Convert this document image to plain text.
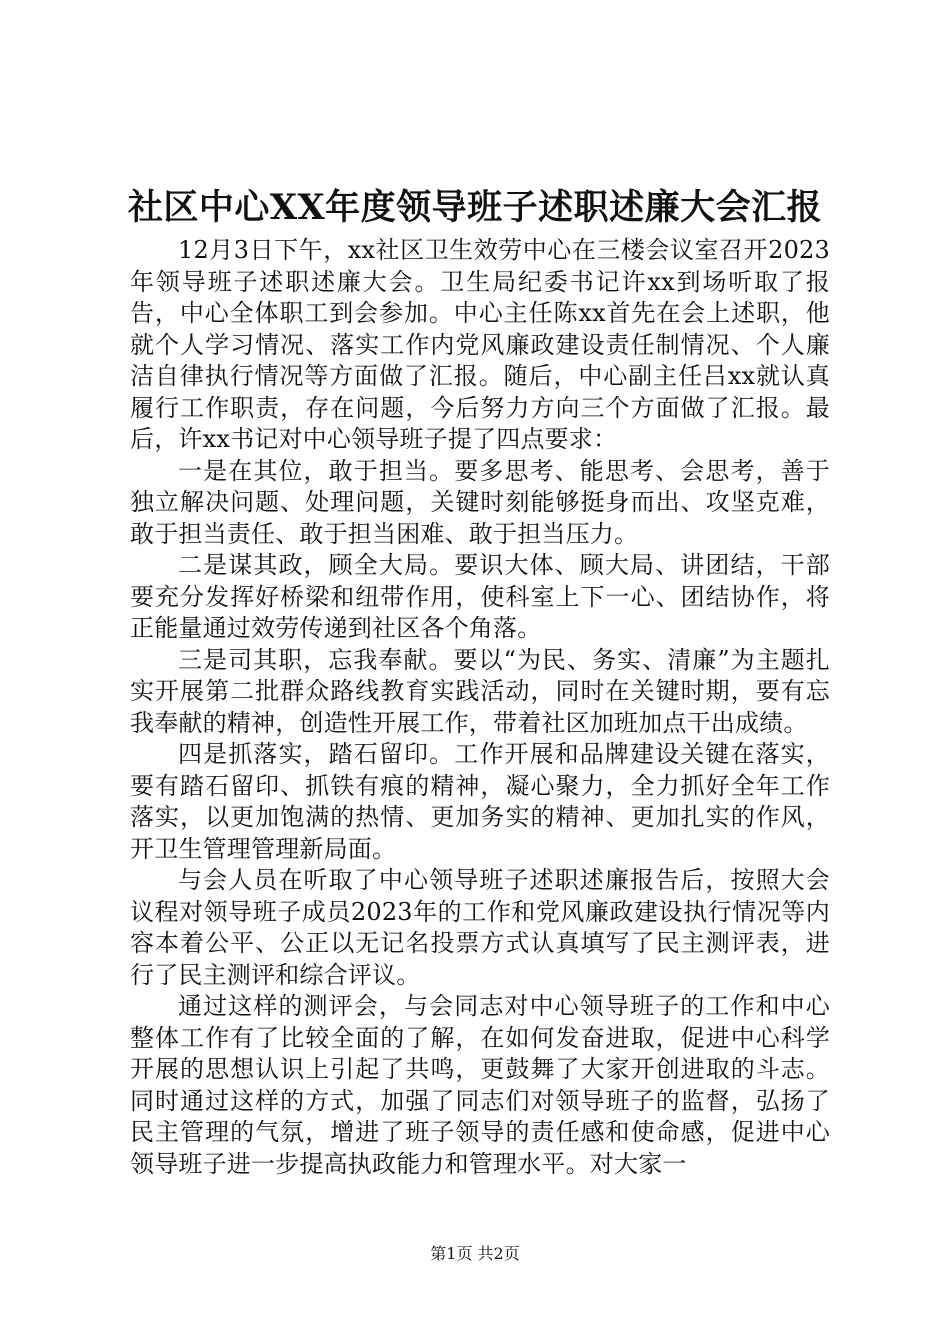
社区中心XX年度领导班子述职述廉大会汇报

12月3日下午，xx社区卫生效劳中心在三楼会议室召开2023年领导班子述职述廉大会。卫生局纪委书记许xx到场听取了报告，中心全体职工到会参加。中心主任陈xx首先在会上述职，他就个人学习情况、落实工作内党风廉政建设责任制情况、个人廉洁自律执行情况等方面做了汇报。随后，中心副主任吕xx就认真履行工作职责，存在问题，今后努力方向三个方面做了汇报。最后，许xx书记对中心领导班子提了四点要求：

一是在其位，敢于担当。要多思考、能思考、会思考，善于独立解决问题、处理问题，关键时刻能够挺身而出、攻坚克难，敢于担当责任、敢于担当困难、敢于担当压力。

二是谋其政，顾全大局。要识大体、顾大局、讲团结，干部要充分发挥好桥梁和纽带作用，使科室上下一心、团结协作，将正能量通过效劳传递到社区各个角落。

三是司其职，忘我奉献。要以“为民、务实、清廉”为主题扎实开展第二批群众路线教育实践活动，同时在关键时期，要有忘我奉献的精神，创造性开展工作，带着社区加班加点干出成绩。

四是抓落实，踏石留印。工作开展和品牌建设关键在落实，要有踏石留印、抓铁有痕的精神，凝心聚力，全力抓好全年工作落实，以更加饱满的热情、更加务实的精神、更加扎实的作风，开卫生管理管理新局面。

与会人员在听取了中心领导班子述职述廉报告后，按照大会议程对领导班子成员2023年的工作和党风廉政建设执行情况等内容本着公平、公正以无记名投票方式认真填写了民主测评表，进行了民主测评和综合评议。

通过这样的测评会，与会同志对中心领导班子的工作和中心整体工作有了比较全面的了解，在如何发奋进取，促进中心科学开展的思想认识上引起了共鸣，更鼓舞了大家开创进取的斗志。同时通过这样的方式，加强了同志们对领导班子的监督，弘扬了民主管理的气氛，增进了班子领导的责任感和使命感，促进中心领导班子进一步提高执政能力和管理水平。对大家一

第1页 共2页
